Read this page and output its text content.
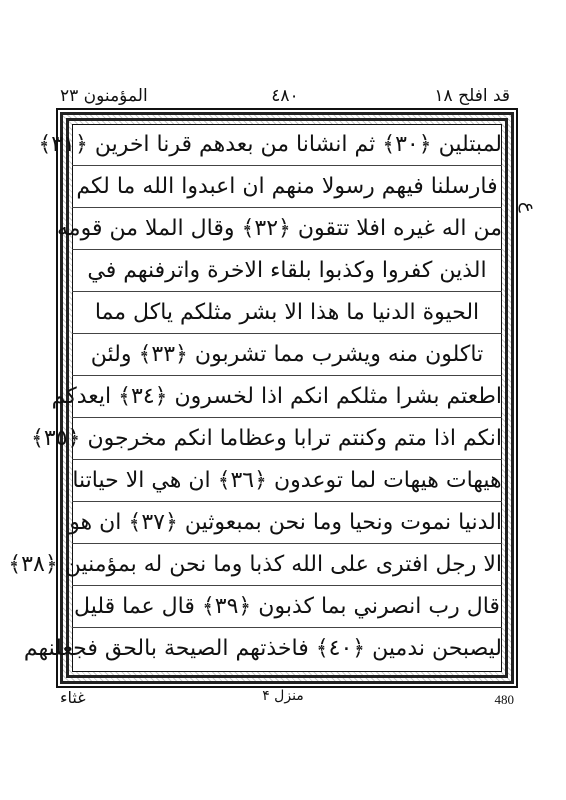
قد افلح ١٨
٤٨٠
المؤمنون ٢٣
لمبتلين ﴿٣٠﴾ ثم انشانا من بعدهم قرنا اخرين ﴿٣١﴾
فارسلنا فيهم رسولا منهم ان اعبدوا الله ما لكم
من اله غيره افلا تتقون ﴿٣٢﴾ وقال الملا من قومه
الذين كفروا وكذبوا بلقاء الاخرة واترفنهم في
الحيوة الدنيا ما هذا الا بشر مثلكم ياكل مما
تاكلون منه ويشرب مما تشربون ﴿٣٣﴾ ولئن
اطعتم بشرا مثلكم انكم اذا لخسرون ﴿٣٤﴾ ايعدكم
انكم اذا متم وكنتم ترابا وعظاما انكم مخرجون ﴿٣٥﴾
هيهات هيهات لما توعدون ﴿٣٦﴾ ان هي الا حياتنا
الدنيا نموت ونحيا وما نحن بمبعوثين ﴿٣٧﴾ ان هو
الا رجل افترى على الله كذبا وما نحن له بمؤمنين ﴿٣٨﴾
قال رب انصرني بما كذبون ﴿٣٩﴾ قال عما قليل
ليصبحن ندمين ﴿٤٠﴾ فاخذتهم الصيحة بالحق فجعلنهم
ع
غثاء	منزل ۴	480
